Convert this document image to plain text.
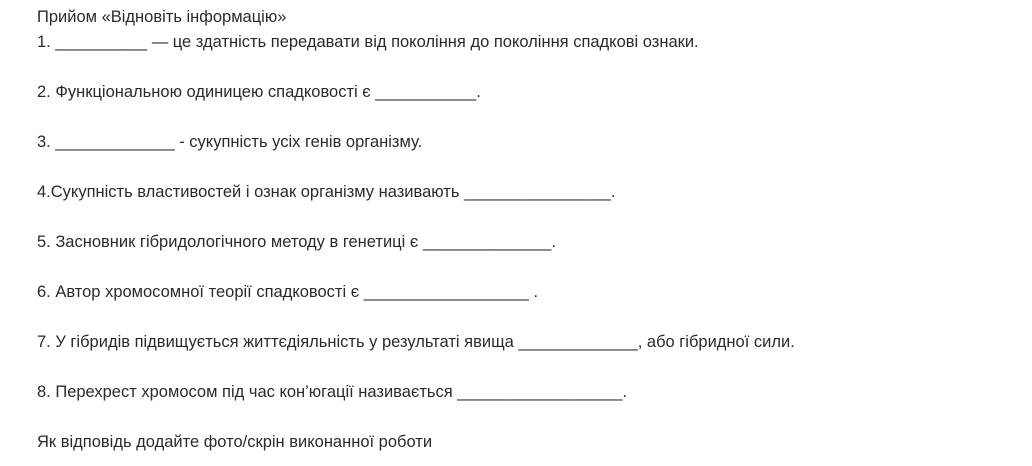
Прийом «Відновіть інформацію»
1. __________ — це здатність передавати від покоління до покоління спадкові ознаки.
2. Функціональною одиницею спадковості є ___________.
3. _____________ - сукупність усіх генів організму.
4.Сукупність властивостей і ознак організму називають ________________.
5. Засновник гібридологічного методу в генетиці є ______________.
6. Автор хромосомної теорії спадковості є __________________ .
7. У гібридів підвищується життєдіяльність у результаті явища _____________, або гібридної сили.
8. Перехрест хромосом під час кон’югації називається __________________.
Як відповідь додайте фото/скрін виконанної роботи
